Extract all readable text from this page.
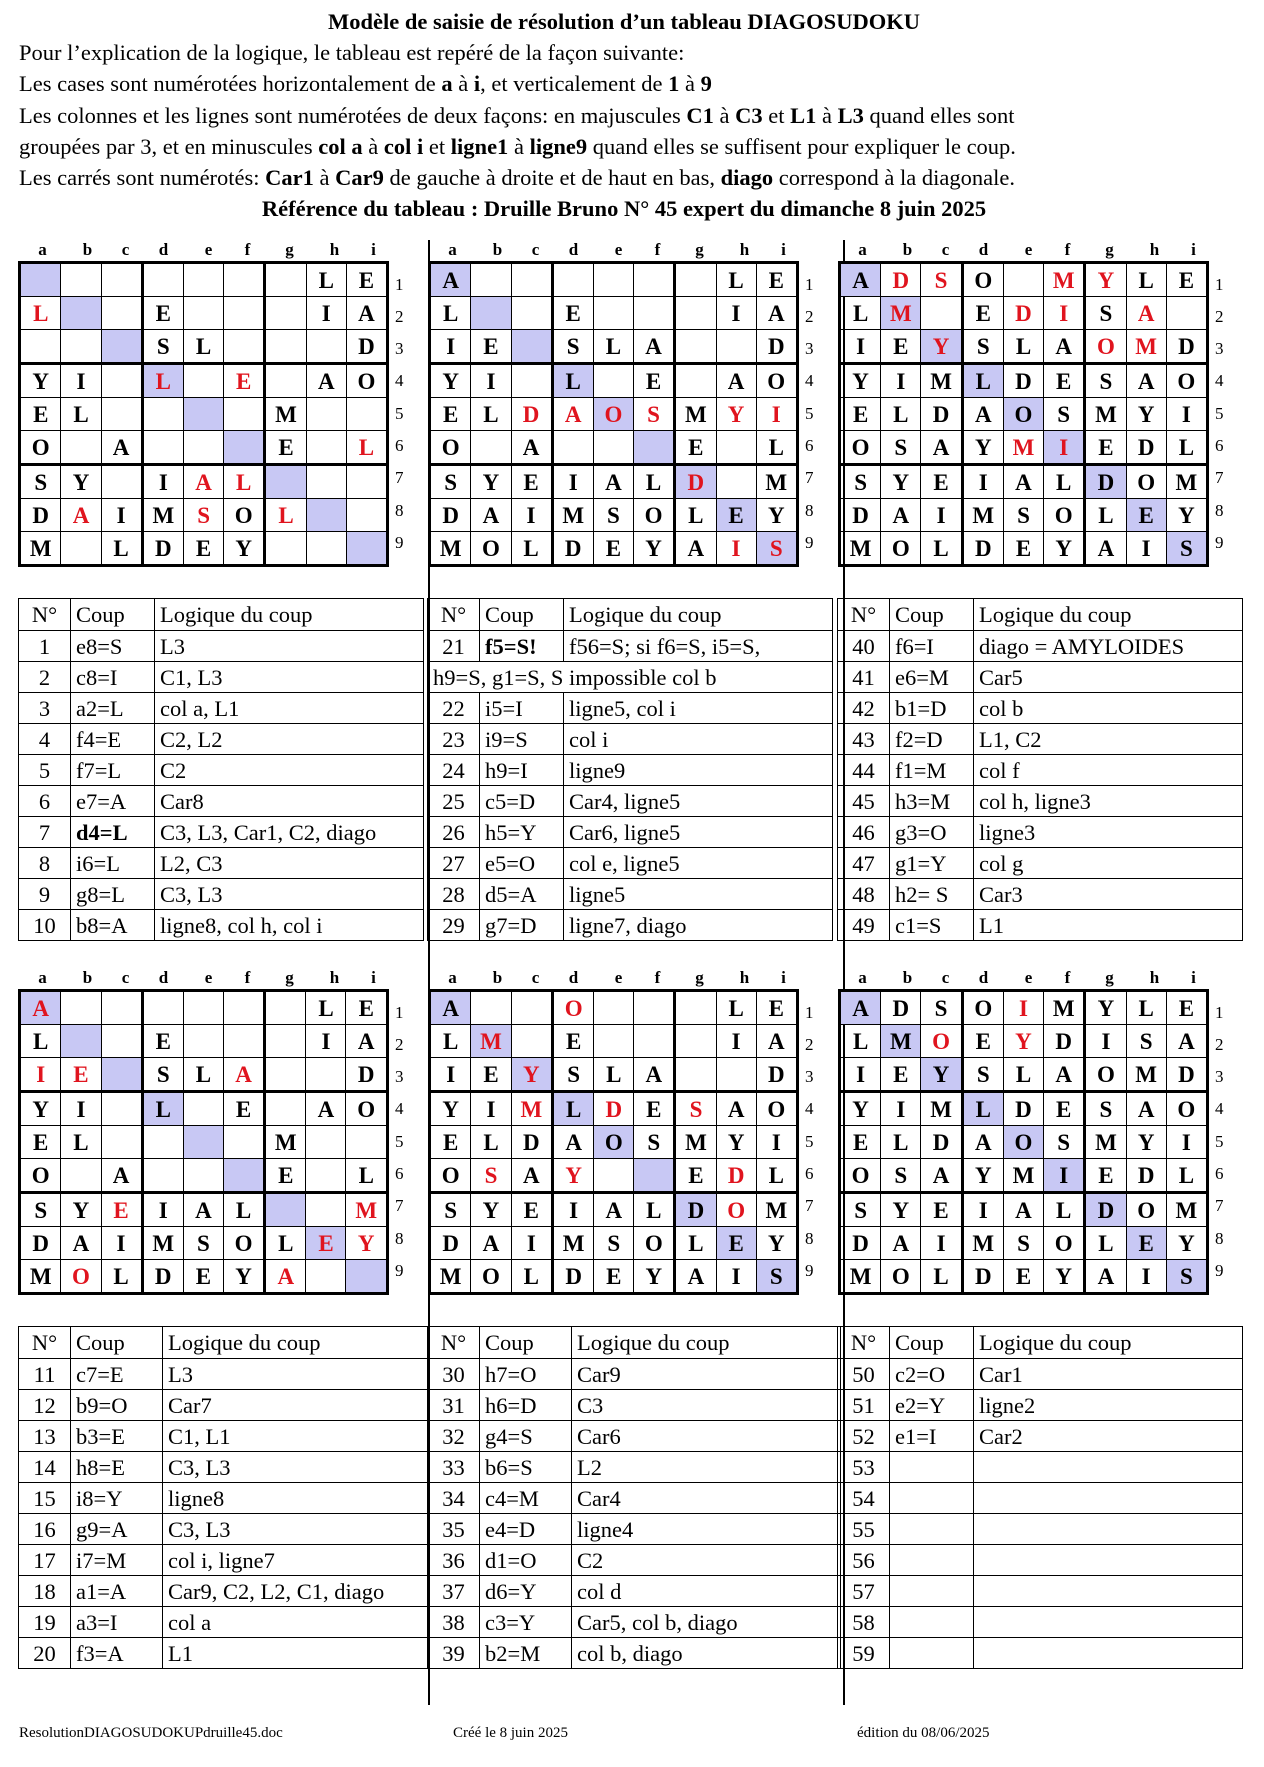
Modèle de saisie de résolution d’un tableau DIAGOSUDOKU
Pour l’explication de la logique, le tableau est repéré de la façon suivante:
Les cases sont numérotées horizontalement de a à i, et verticalement de 1 à 9
Les colonnes et les lignes sont numérotées de deux façons: en majuscules C1 à C3 et L1 à L3 quand elles sont
groupées par 3, et en minuscules col a à col i et ligne1 à ligne9 quand elles se suffisent pour expliquer le coup.
Les carrés sont numérotés: Car1 à Car9 de gauche à droite et de haut en bas, diago correspond à la diagonale.
Référence du tableau : Druille Bruno N° 45 expert du dimanche 8 juin 2025
a	b	c	d	e	f	g	h	i
							L	E
L			E				I	A
			S	L				D
Y	I		L		E		A	O
E	L					M		
O		A				E		L
S	Y		I	A	L			
D	A	I	M	S	O	L		
M		L	D	E	Y			
1
2
3
4
5
6
7
8
9
a	b	c	d	e	f	g	h	i
A							L	E
L			E				I	A
I	E		S	L	A			D
Y	I		L		E		A	O
E	L	D	A	O	S	M	Y	I
O		A				E		L
S	Y	E	I	A	L	D		M
D	A	I	M	S	O	L	E	Y
M	O	L	D	E	Y	A	I	S
1
2
3
4
5
6
7
8
9
a	b	c	d	e	f	g	h	i
A	D	S	O		M	Y	L	E
L	M		E	D	I	S	A	
I	E	Y	S	L	A	O	M	D
Y	I	M	L	D	E	S	A	O
E	L	D	A	O	S	M	Y	I
O	S	A	Y	M	I	E	D	L
S	Y	E	I	A	L	D	O	M
D	A	I	M	S	O	L	E	Y
M	O	L	D	E	Y	A	I	S
1
2
3
4
5
6
7
8
9
a	b	c	d	e	f	g	h	i
A							L	E
L			E				I	A
I	E		S	L	A			D
Y	I		L		E		A	O
E	L					M		
O		A				E		L
S	Y	E	I	A	L			M
D	A	I	M	S	O	L	E	Y
M	O	L	D	E	Y	A		
1
2
3
4
5
6
7
8
9
a	b	c	d	e	f	g	h	i
A			O				L	E
L	M		E				I	A
I	E	Y	S	L	A			D
Y	I	M	L	D	E	S	A	O
E	L	D	A	O	S	M	Y	I
O	S	A	Y			E	D	L
S	Y	E	I	A	L	D	O	M
D	A	I	M	S	O	L	E	Y
M	O	L	D	E	Y	A	I	S
1
2
3
4
5
6
7
8
9
a	b	c	d	e	f	g	h	i
A	D	S	O	I	M	Y	L	E
L	M	O	E	Y	D	I	S	A
I	E	Y	S	L	A	O	M	D
Y	I	M	L	D	E	S	A	O
E	L	D	A	O	S	M	Y	I
O	S	A	Y	M	I	E	D	L
S	Y	E	I	A	L	D	O	M
D	A	I	M	S	O	L	E	Y
M	O	L	D	E	Y	A	I	S
1
2
3
4
5
6
7
8
9
N°	Coup	Logique du coup
1	e8=S	L3
2	c8=I	C1, L3
3	a2=L	col a, L1
4	f4=E	C2, L2
5	f7=L	C2
6	e7=A	Car8
7	d4=L	C3, L3, Car1, C2, diago
8	i6=L	L2, C3
9	g8=L	C3, L3
10	b8=A	ligne8, col h, col i
N°	Coup	Logique du coup
21	f5=S!	f56=S; si f6=S, i5=S,
h9=S, g1=S, S impossible col b		
22	i5=I	ligne5, col i
23	i9=S	col i
24	h9=I	ligne9
25	c5=D	Car4, ligne5
26	h5=Y	Car6, ligne5
27	e5=O	col e, ligne5
28	d5=A	ligne5
29	g7=D	ligne7, diago
N°	Coup	Logique du coup
40	f6=I	diago = AMYLOIDES
41	e6=M	Car5
42	b1=D	col b
43	f2=D	L1, C2
44	f1=M	col f
45	h3=M	col h, ligne3
46	g3=O	ligne3
47	g1=Y	col g
48	h2= S	Car3
49	c1=S	L1
N°	Coup	Logique du coup
11	c7=E	L3
12	b9=O	Car7
13	b3=E	C1, L1
14	h8=E	C3, L3
15	i8=Y	ligne8
16	g9=A	C3, L3
17	i7=M	col i, ligne7
18	a1=A	Car9, C2, L2, C1, diago
19	a3=I	col a
20	f3=A	L1
N°	Coup	Logique du coup
30	h7=O	Car9
31	h6=D	C3
32	g4=S	Car6
33	b6=S	L2
34	c4=M	Car4
35	e4=D	ligne4
36	d1=O	C2
37	d6=Y	col d
38	c3=Y	Car5, col b, diago
39	b2=M	col b, diago
N°	Coup	Logique du coup
50	c2=O	Car1
51	e2=Y	ligne2
52	e1=I	Car2
53		
54		
55		
56		
57		
58		
59		
ResolutionDIAGOSUDOKUPdruille45.doc	Créé le 8 juin 2025	édition du 08/06/2025
